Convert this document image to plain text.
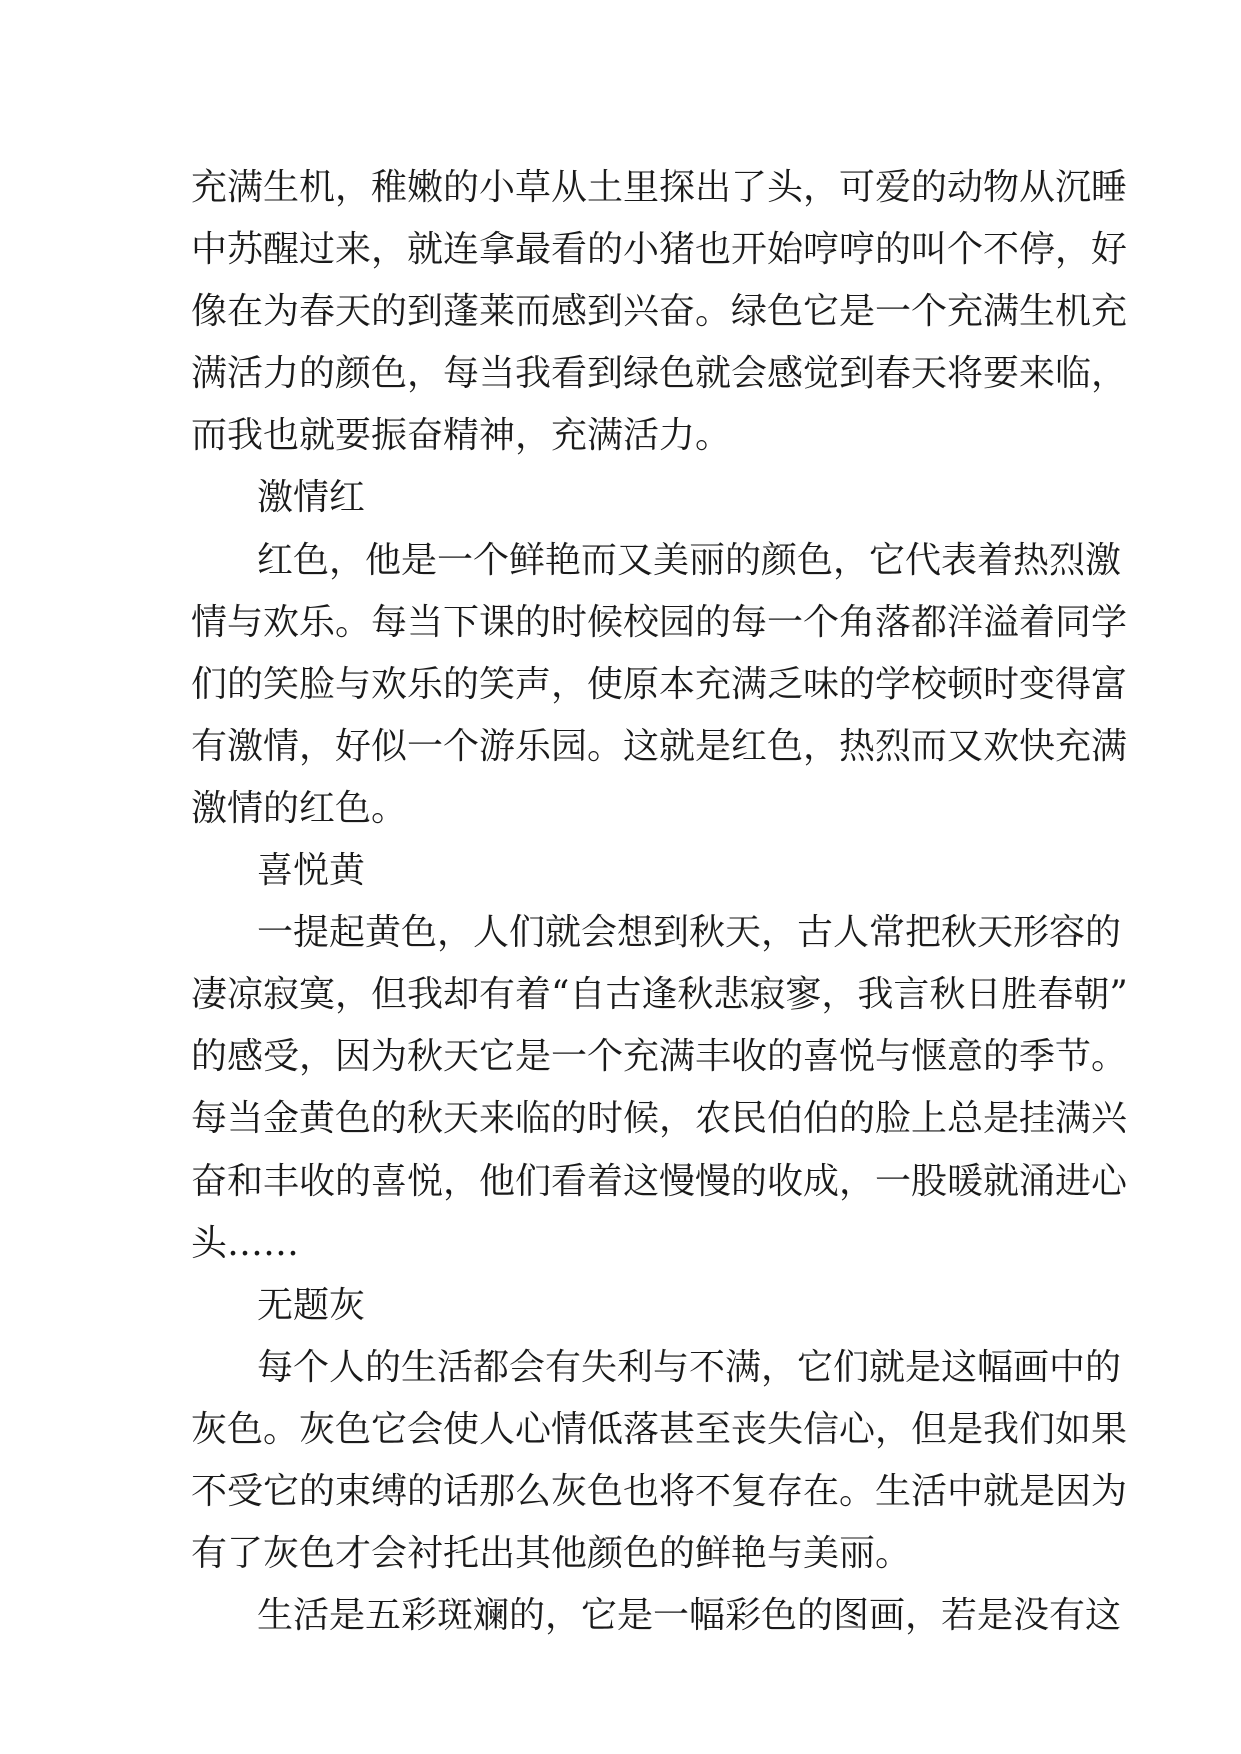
充满生机，稚嫩的小草从土里探出了头，可爱的动物从沉睡
中苏醒过来，就连拿最看的小猪也开始哼哼的叫个不停，好
像在为春天的到蓬莱而感到兴奋。绿色它是一个充满生机充
满活力的颜色，每当我看到绿色就会感觉到春天将要来临，
而我也就要振奋精神，充满活力。
激情红
红色，他是一个鲜艳而又美丽的颜色，它代表着热烈激
情与欢乐。每当下课的时候校园的每一个角落都洋溢着同学
们的笑脸与欢乐的笑声，使原本充满乏味的学校顿时变得富
有激情，好似一个游乐园。这就是红色，热烈而又欢快充满
激情的红色。
喜悦黄
一提起黄色，人们就会想到秋天，古人常把秋天形容的
凄凉寂寞，但我却有着“自古逢秋悲寂寥，我言秋日胜春朝”
的感受，因为秋天它是一个充满丰收的喜悦与惬意的季节。
每当金黄色的秋天来临的时候，农民伯伯的脸上总是挂满兴
奋和丰收的喜悦，他们看着这慢慢的收成，一股暖就涌进心
头……
无题灰
每个人的生活都会有失利与不满，它们就是这幅画中的
灰色。灰色它会使人心情低落甚至丧失信心，但是我们如果
不受它的束缚的话那么灰色也将不复存在。生活中就是因为
有了灰色才会衬托出其他颜色的鲜艳与美丽。
生活是五彩斑斓的，它是一幅彩色的图画，若是没有这
